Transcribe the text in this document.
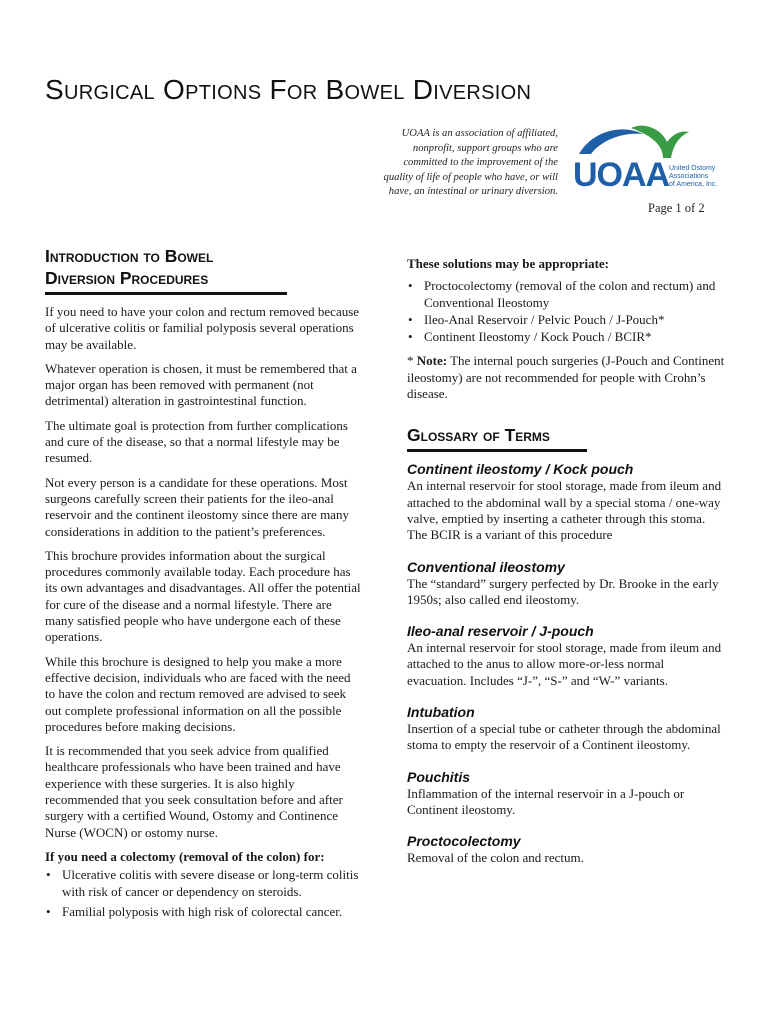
Surgical Options For Bowel Diversion
UOAA is an association of affiliated, nonprofit, support groups who are committed to the improvement of the quality of life of people who have, or will have, an intestinal or urinary diversion. UOAA United Ostomy
Associations
of America, Inc.
Page 1 of 2
Introduction to Bowel
Diversion Procedures

If you need to have your colon and rectum removed because of ulcerative colitis or familial polyposis several operations may be available.

Whatever operation is chosen, it must be remembered that a major organ has been removed with permanent (not detrimental) alteration in gastrointestinal function.

The ultimate goal is protection from further complications and cure of the disease, so that a normal lifestyle may be resumed.

Not every person is a candidate for these operations. Most surgeons carefully screen their patients for the ileo-anal reservoir and the continent ileostomy since there are many considerations in addition to the patient’s preferences.

This brochure provides information about the surgical procedures commonly available today. Each procedure has its own advantages and disadvantages. All offer the potential for cure of the disease and a normal lifestyle. There are many satisfied people who have undergone each of these operations.

While this brochure is designed to help you make a more effective decision, individuals who are faced with the need to have the colon and rectum removed are advised to seek out complete professional information on all the possible procedures before making decisions.

It is recommended that you seek advice from qualified healthcare professionals who have been trained and have experience with these surgeries. It is also highly recommended that you seek consultation before and after surgery with a certified Wound, Ostomy and Continence Nurse (WOCN) or ostomy nurse.

If you need a colectomy (removal of the colon) for:

• Ulcerative colitis with severe disease or long-term colitis with risk of cancer or dependency on steroids.
• Familial polyposis with high risk of colorectal cancer.

These solutions may be appropriate:

• Proctocolectomy (removal of the colon and rectum) and Conventional Ileostomy
• Ileo-Anal Reservoir / Pelvic Pouch / J-Pouch*
• Continent Ileostomy / Kock Pouch / BCIR*

* Note: The internal pouch surgeries (J-Pouch and Continent ileostomy) are not recommended for people with Crohn’s disease.

Glossary of Terms
Continent ileostomy / Kock pouch
An internal reservoir for stool storage, made from ileum and attached to the abdominal wall by a special stoma / one-way valve, emptied by inserting a catheter through this stoma. The BCIR is a variant of this procedure
Conventional ileostomy
The “standard” surgery perfected by Dr. Brooke in the early 1950s; also called end ileostomy.
Ileo-anal reservoir / J-pouch
An internal reservoir for stool storage, made from ileum and attached to the anus to allow more-or-less normal evacuation. Includes “J-”, “S-” and “W-” variants.
Intubation
Insertion of a special tube or catheter through the abdominal stoma to empty the reservoir of a Continent ileostomy.
Pouchitis
Inflammation of the internal reservoir in a J-pouch or Continent ileostomy.
Proctocolectomy
Removal of the colon and rectum.
